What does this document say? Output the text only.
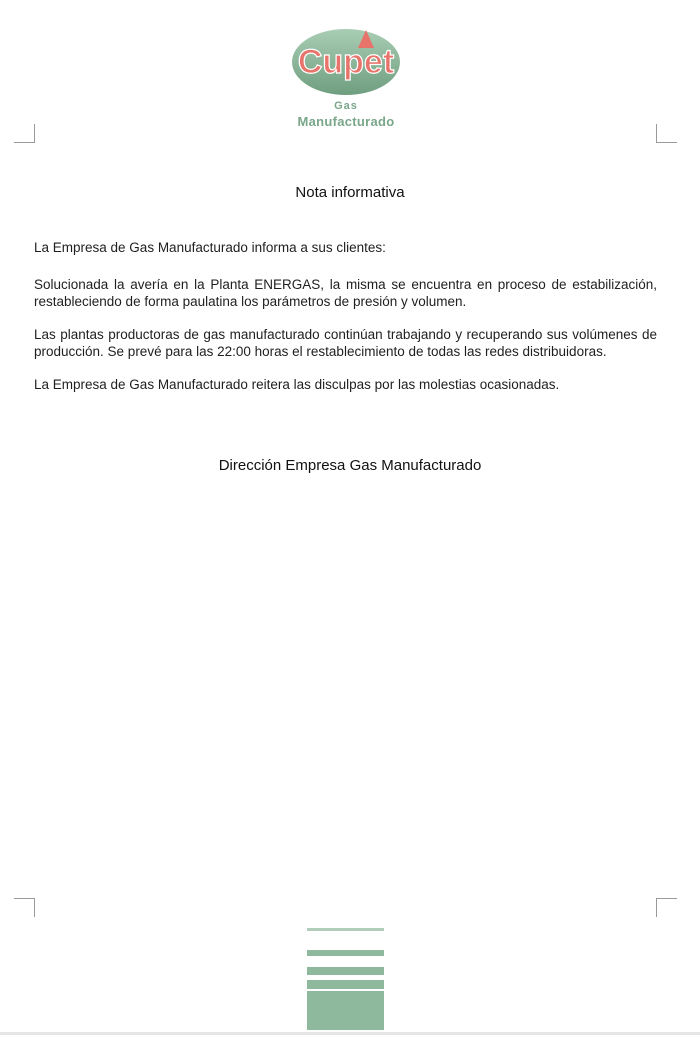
Cupet
Gas
Manufacturado
Nota informativa

La Empresa de Gas Manufacturado informa a sus clientes:

Solucionada la avería en la Planta ENERGAS, la misma se encuentra en proceso de estabilización, restableciendo de forma paulatina los parámetros de presión y volumen.

Las plantas productoras de gas manufacturado continúan trabajando y recuperando sus volúmenes de producción. Se prevé para las 22:00 horas el restablecimiento de todas las redes distribuidoras.

La Empresa de Gas Manufacturado reitera las disculpas por las molestias ocasionadas.

Dirección Empresa Gas Manufacturado
